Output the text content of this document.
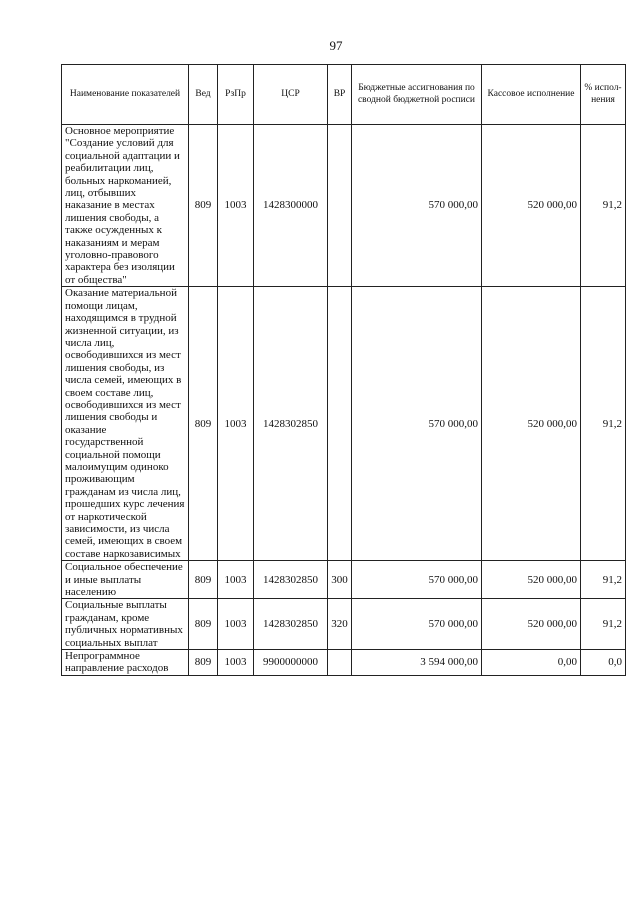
97
Наименование показателей	Вед	РзПр	ЦСР	ВР	Бюджетные ассигнования по сводной бюджетной росписи	Кассовое исполнение	% испол-нения
Основное мероприятие "Создание условий для социальной адаптации и реабилитации лиц, больных наркоманией, лиц, отбывших наказание в местах лишения свободы, а также осужденных к наказаниям и мерам уголовно-правового характера без изоляции от общества"	809	1003	1428300000		570 000,00	520 000,00	91,2
Оказание материальной помощи лицам, находящимся в трудной жизненной ситуации, из числа лиц, освободившихся из мест лишения свободы, из числа семей, имеющих в своем составе лиц, освободившихся из мест лишения свободы и оказание государственной социальной помощи малоимущим одиноко проживающим гражданам из числа лиц, прошедших курс лечения от наркотической зависимости, из числа семей, имеющих в своем составе наркозависимых	809	1003	1428302850		570 000,00	520 000,00	91,2
Социальное обеспечение и иные выплаты населению	809	1003	1428302850	300	570 000,00	520 000,00	91,2
Социальные выплаты гражданам, кроме публичных нормативных социальных выплат	809	1003	1428302850	320	570 000,00	520 000,00	91,2
Непрограммное направление расходов	809	1003	9900000000		3 594 000,00	0,00	0,0
